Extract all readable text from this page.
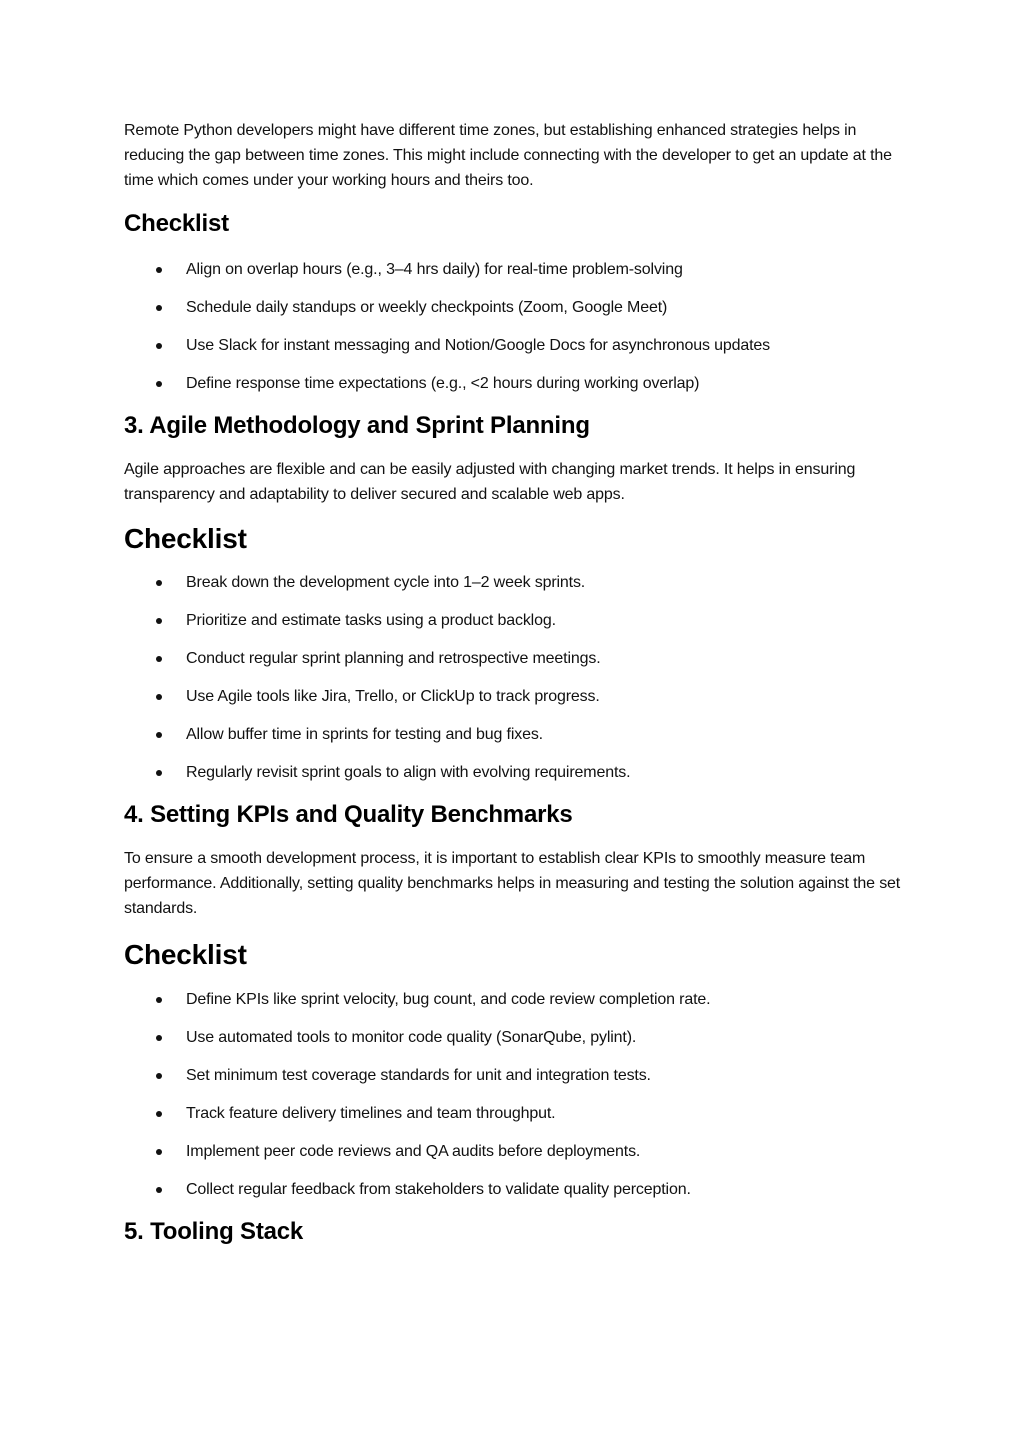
Remote Python developers might have different time zones, but establishing enhanced strategies helps in reducing the gap between time zones. This might include connecting with the developer to get an update at the time which comes under your working hours and theirs too.

Checklist
Align on overlap hours (e.g., 3–4 hrs daily) for real-time problem-solving
Schedule daily standups or weekly checkpoints (Zoom, Google Meet)
Use Slack for instant messaging and Notion/Google Docs for asynchronous updates
Define response time expectations (e.g., <2 hours during working overlap)
3. Agile Methodology and Sprint Planning

Agile approaches are flexible and can be easily adjusted with changing market trends. It helps in ensuring transparency and adaptability to deliver secured and scalable web apps.

Checklist
Break down the development cycle into 1–2 week sprints.
Prioritize and estimate tasks using a product backlog.
Conduct regular sprint planning and retrospective meetings.
Use Agile tools like Jira, Trello, or ClickUp to track progress.
Allow buffer time in sprints for testing and bug fixes.
Regularly revisit sprint goals to align with evolving requirements.
4. Setting KPIs and Quality Benchmarks

To ensure a smooth development process, it is important to establish clear KPIs to smoothly measure team performance. Additionally, setting quality benchmarks helps in measuring and testing the solution against the set standards.

Checklist
Define KPIs like sprint velocity, bug count, and code review completion rate.
Use automated tools to monitor code quality (SonarQube, pylint).
Set minimum test coverage standards for unit and integration tests.
Track feature delivery timelines and team throughput.
Implement peer code reviews and QA audits before deployments.
Collect regular feedback from stakeholders to validate quality perception.
5. Tooling Stack
